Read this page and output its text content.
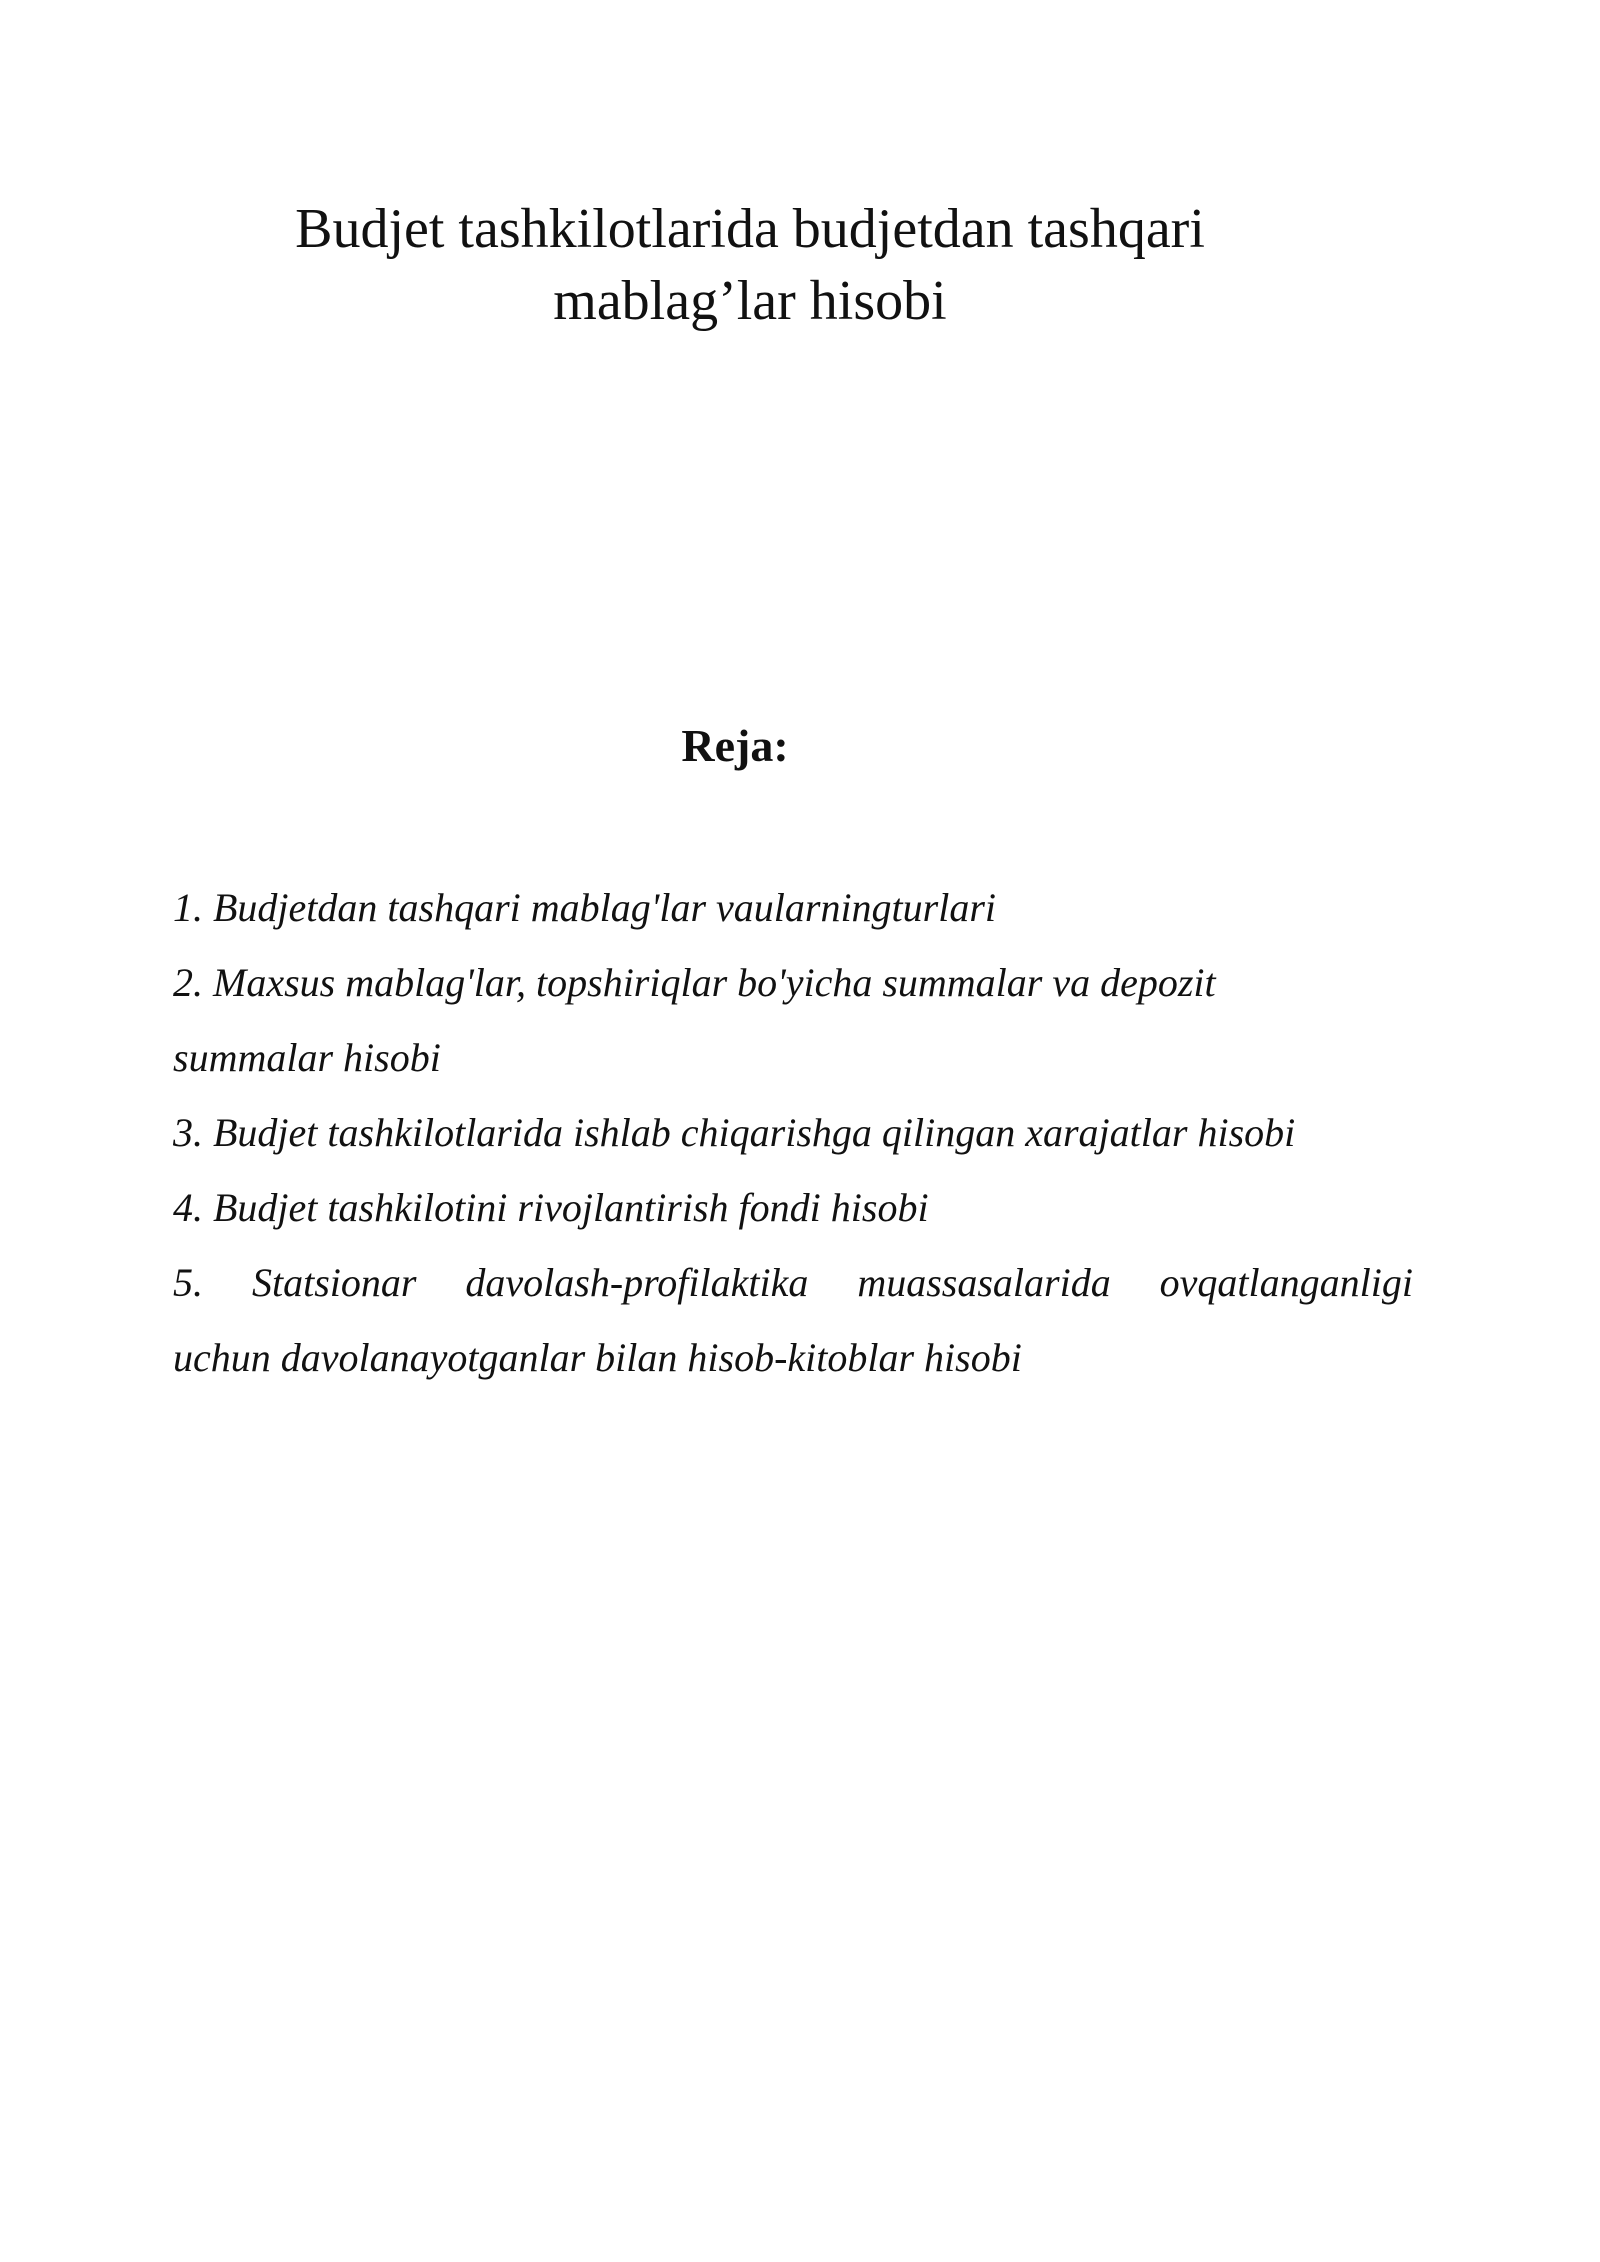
Budjet tashkilotlarida budjetdan tashqari
mablag’lar hisobi
Reja:
1. Budjetdan tashqari mablag'lar vaularningturlari
2. Maxsus mablag'lar, topshiriqlar bo'yicha summalar va depozit
summalar hisobi
3. Budjet tashkilotlarida ishlab chiqarishga qilingan xarajatlar hisobi
4. Budjet tashkilotini rivojlantirish fondi hisobi
5. Statsionar davolash-profilaktika muassasalarida ovqatlanganligi
uchun davolanayotganlar bilan hisob-kitoblar hisobi
